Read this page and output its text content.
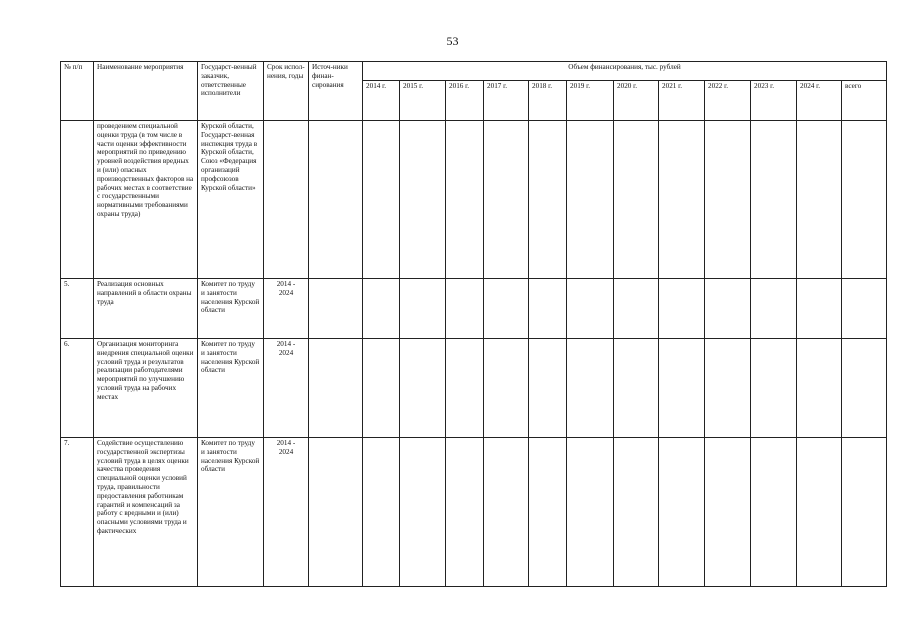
53
№ п/п	Наименование мероприятия	Государст-венный заказчик, ответственные исполнители	Срок испол-нения, годы	Источ-ники финан-сирования	Объем финансирования, тыс. рублей											
					2014 г.	2015 г.	2016 г.	2017 г.	2018 г.	2019 г.	2020 г.	2021 г.	2022 г.	2023 г.	2024 г.	всего
	проведением специальной оценки труда (в том числе в части оценки эффективности мероприятий по приведению уровней воздействия вредных и (или) опасных производственных факторов на рабочих местах в соответствие с государственными нормативными требованиями охраны труда)	Курской области, Государст-венная инспекция труда в Курской области, Союз «Федерация организаций профсоюзов Курской области»														
5.	Реализация основных направлений в области охраны труда	Комитет по труду и занятости населения Курской области	2014 - 2024													
6.	Организация мониторинга внедрения специальной оценки условий труда и результатов реализации работодателями мероприятий по улучшению условий труда на рабочих местах	Комитет по труду и занятости населения Курской области	2014 - 2024													
7.	Содействие осуществлению государственной экспертизы условий труда в целях оценки качества проведения специальной оценки условий труда, правильности предоставления работникам гарантий и компенсаций за работу с вредными и (или) опасными условиями труда и фактических	Комитет по труду и занятости населения Курской области	2014 - 2024													
